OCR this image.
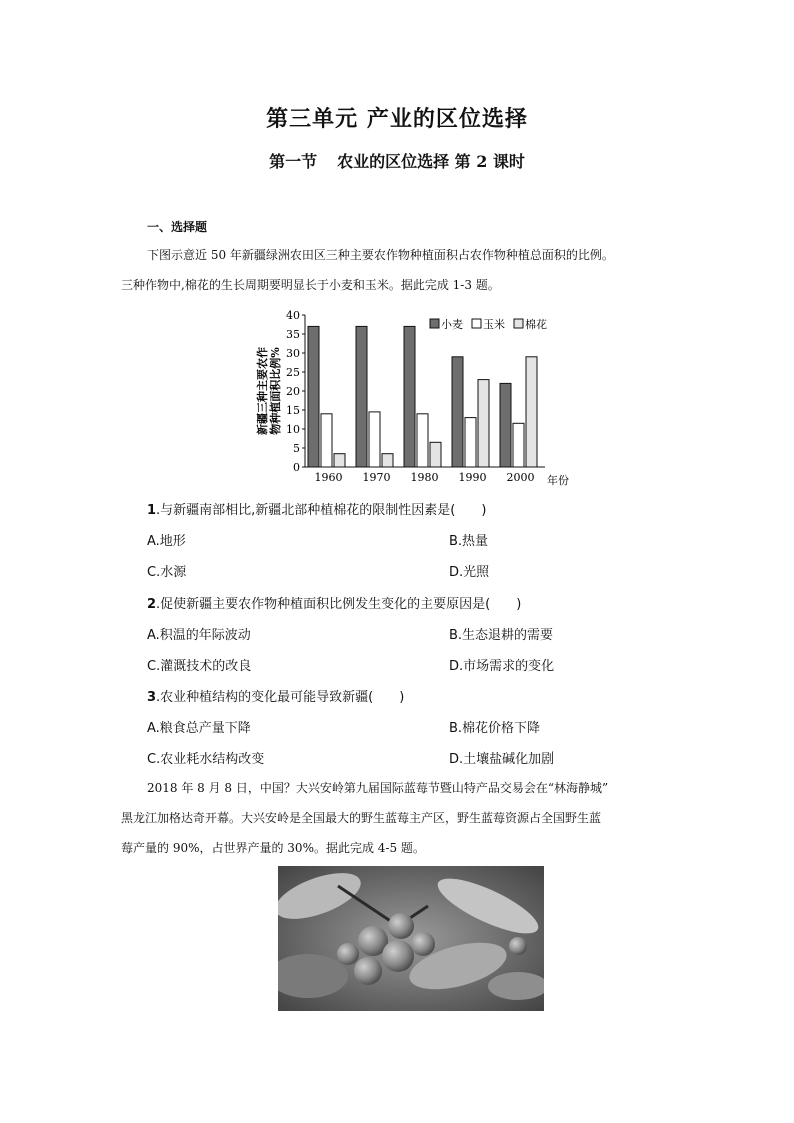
第三单元 产业的区位选择
第一节 农业的区位选择 第 2 课时
一、选择题
下图示意近 50 年新疆绿洲农田区三种主要农作物种植面积占农作物种植总面积的比例。
三种作物中,棉花的生长周期要明显长于小麦和玉米。据此完成 1-3 题。
新疆三种主要农作 物种植面积比例%
0
5
10
15
20
25
30
35
40
1960 1970 1980 1990 2000 年份
小麦 玉米 棉花
1.与新疆南部相比,新疆北部种植棉花的限制性因素是(　　)
A.地形	B.热量
C.水源	D.光照
2.促使新疆主要农作物种植面积比例发生变化的主要原因是(　　)
A.积温的年际波动	B.生态退耕的需要
C.灌溉技术的改良	D.市场需求的变化
3.农业种植结构的变化最可能导致新疆(　　)
A.粮食总产量下降	B.棉花价格下降
C.农业耗水结构改变	D.土壤盐碱化加剧
2018 年 8 月 8 日，中国？大兴安岭第九届国际蓝莓节暨山特产品交易会在“林海静城”
黑龙江加格达奇开幕。大兴安岭是全国最大的野生蓝莓主产区，野生蓝莓资源占全国野生蓝
莓产量的 90%，占世界产量的 30%。据此完成 4-5 题。
